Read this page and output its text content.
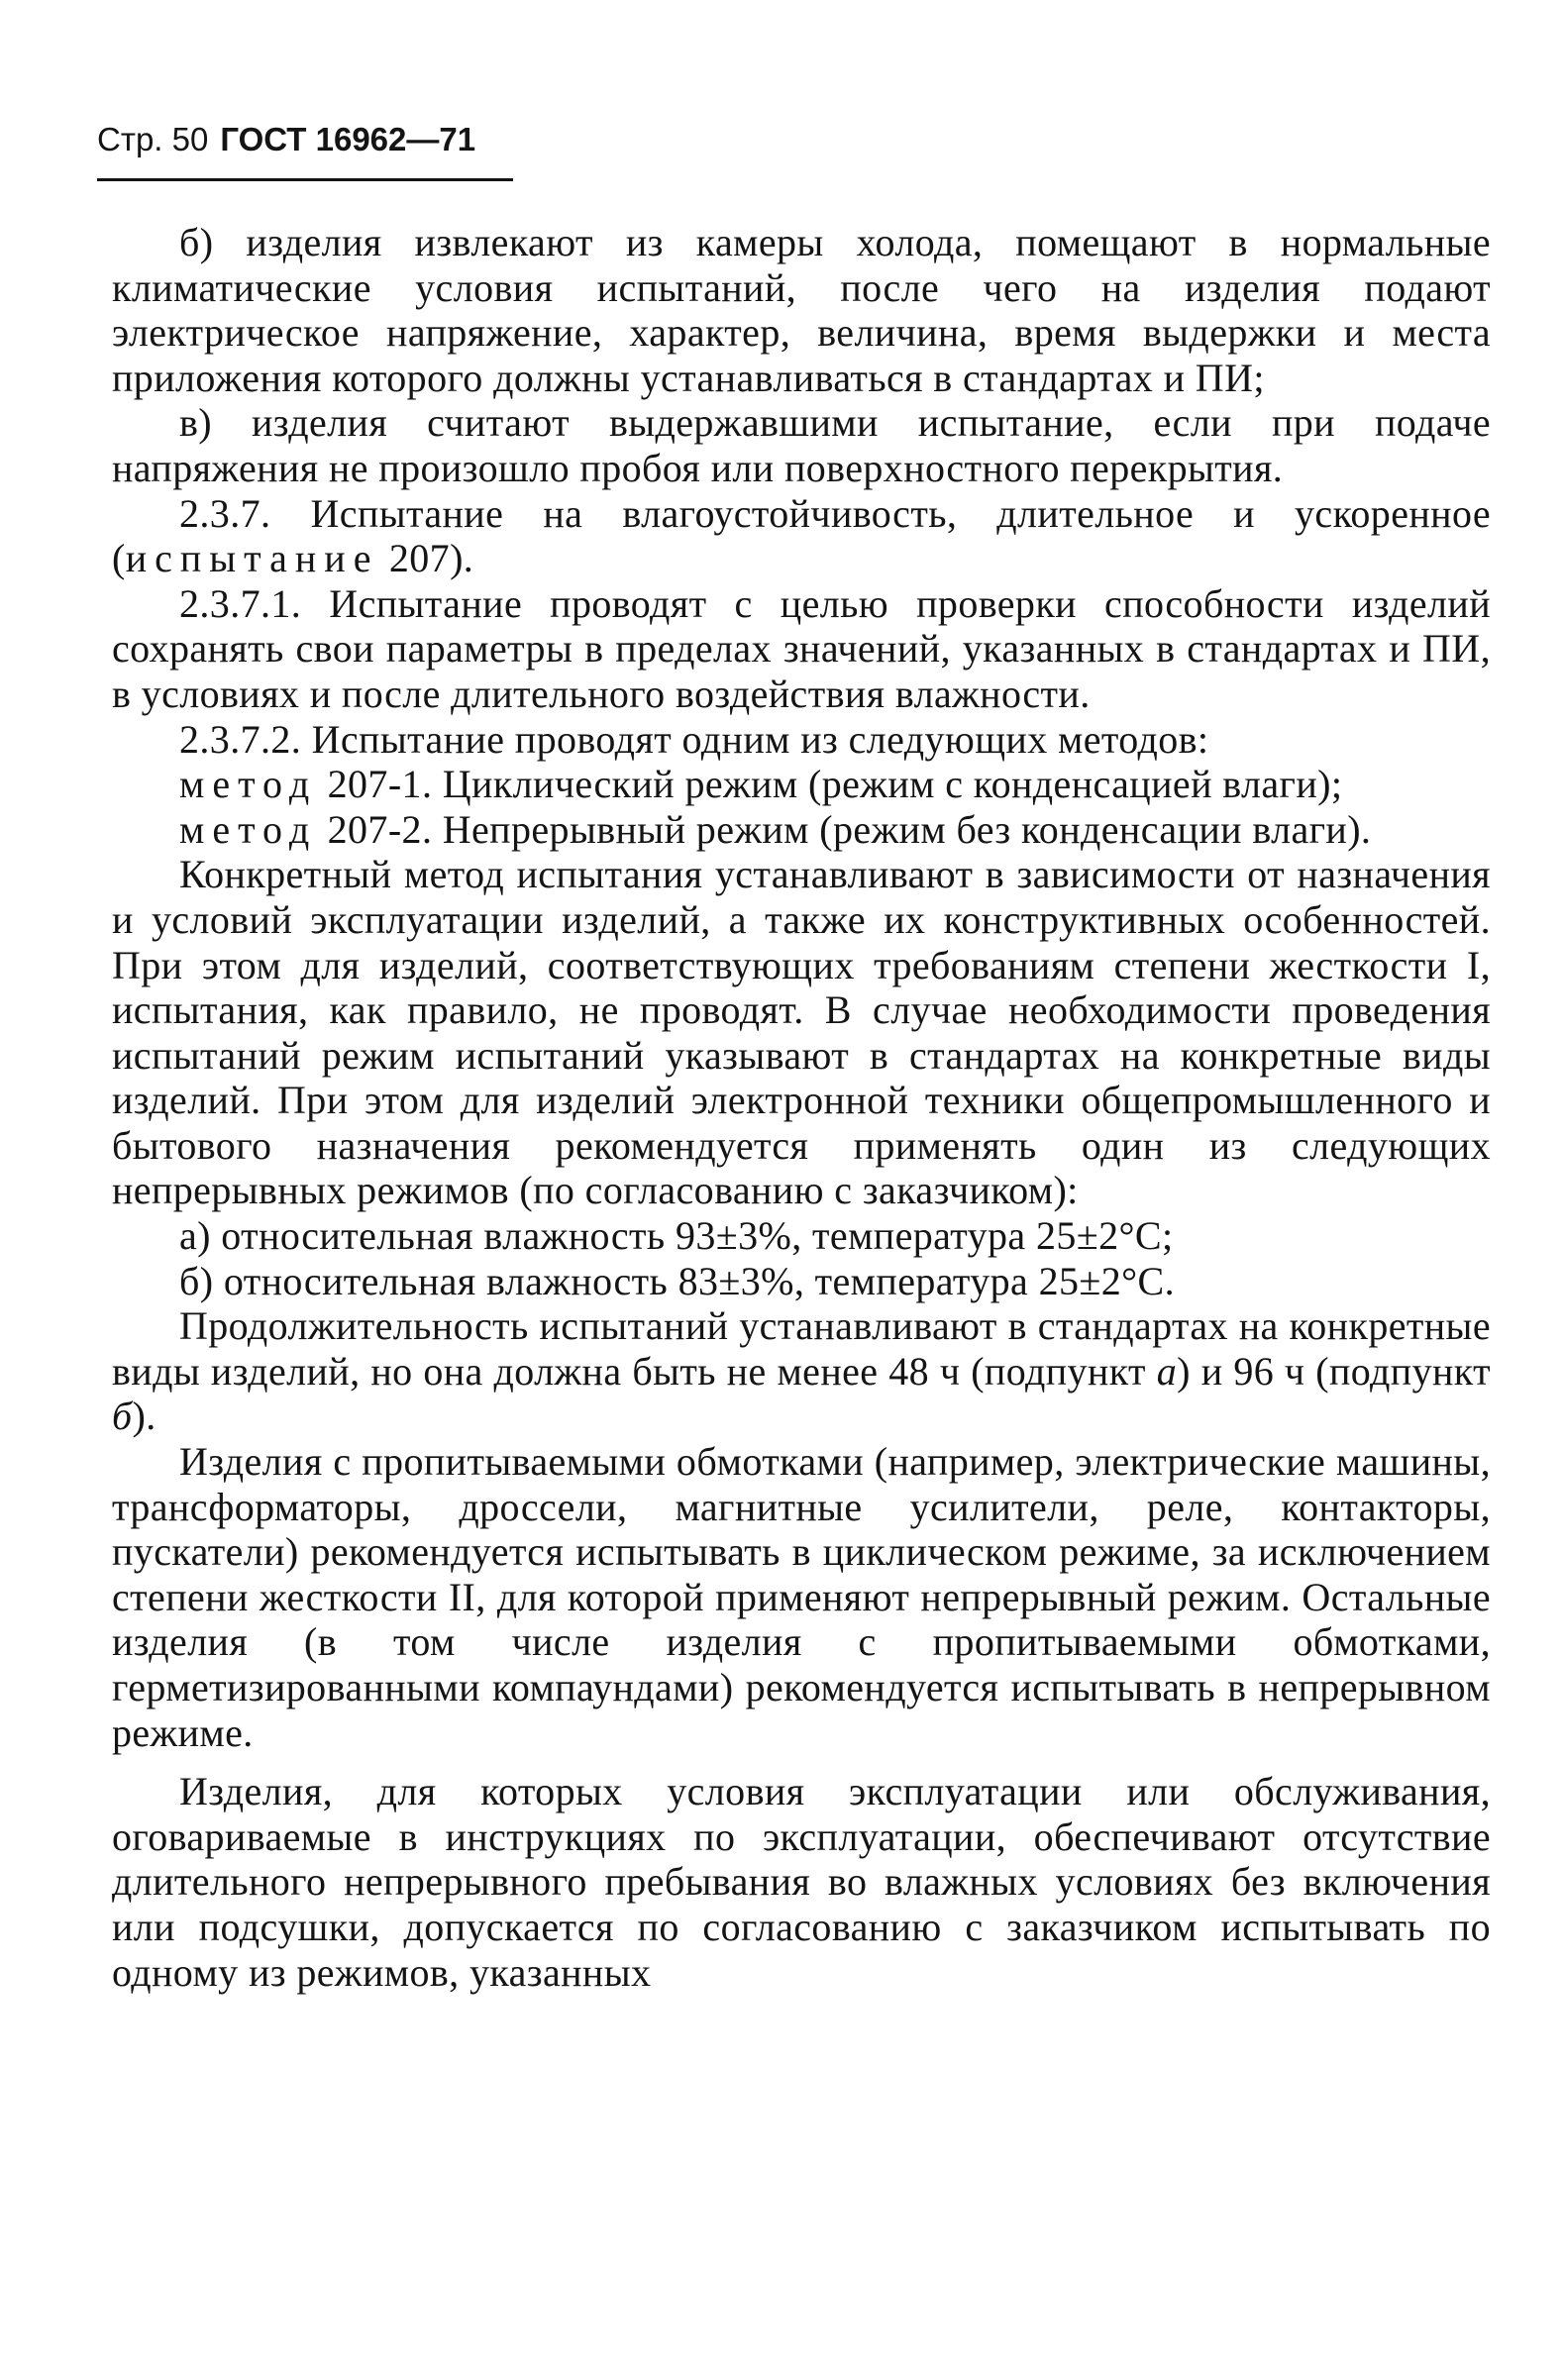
Стр. 50 ГОСТ 16962—71

б) изделия извлекают из камеры холода, помещают в нормальные климатические условия испытаний, после чего на изделия подают электрическое напряжение, характер, величина, время выдержки и места приложения которого должны устанавливаться в стандартах и ПИ;

в) изделия считают выдержавшими испытание, если при подаче напряжения не произошло пробоя или поверхностного перекрытия.

2.3.7. Испытание на влагоустойчивость, длительное и ускоренное (испытание 207).

2.3.7.1. Испытание проводят с целью проверки способности изделий сохранять свои параметры в пределах значений, указанных в стандартах и ПИ, в условиях и после длительного воздействия влажности.

2.3.7.2. Испытание проводят одним из следующих методов:

метод 207-1. Циклический режим (режим с конденсацией влаги);

метод 207-2. Непрерывный режим (режим без конденсации влаги).

Конкретный метод испытания устанавливают в зависимости от назначения и условий эксплуатации изделий, а также их конструктивных особенностей. При этом для изделий, соответствующих требованиям степени жесткости I, испытания, как правило, не проводят. В случае необходимости проведения испытаний режим испытаний указывают в стандартах на конкретные виды изделий. При этом для изделий электронной техники общепромышленного и бытового назначения рекомендуется применять один из следующих непрерывных режимов (по согласованию с заказчиком):

а) относительная влажность 93±3%, температура 25±2°С;

б) относительная влажность 83±3%, температура 25±2°С.

Продолжительность испытаний устанавливают в стандартах на конкретные виды изделий, но она должна быть не менее 48 ч (подпункт а) и 96 ч (подпункт б).

Изделия с пропитываемыми обмотками (например, электрические машины, трансформаторы, дроссели, магнитные усилители, реле, контакторы, пускатели) рекомендуется испытывать в циклическом режиме, за исключением степени жесткости II, для которой применяют непрерывный режим. Остальные изделия (в том числе изделия с пропитываемыми обмотками, герметизированными компаундами) рекомендуется испытывать в непрерывном режиме.

Изделия, для которых условия эксплуатации или обслуживания, оговариваемые в инструкциях по эксплуатации, обеспечивают отсутствие длительного непрерывного пребывания во влажных условиях без включения или подсушки, допускается по согласованию с заказчиком испытывать по одному из режимов, указанных
